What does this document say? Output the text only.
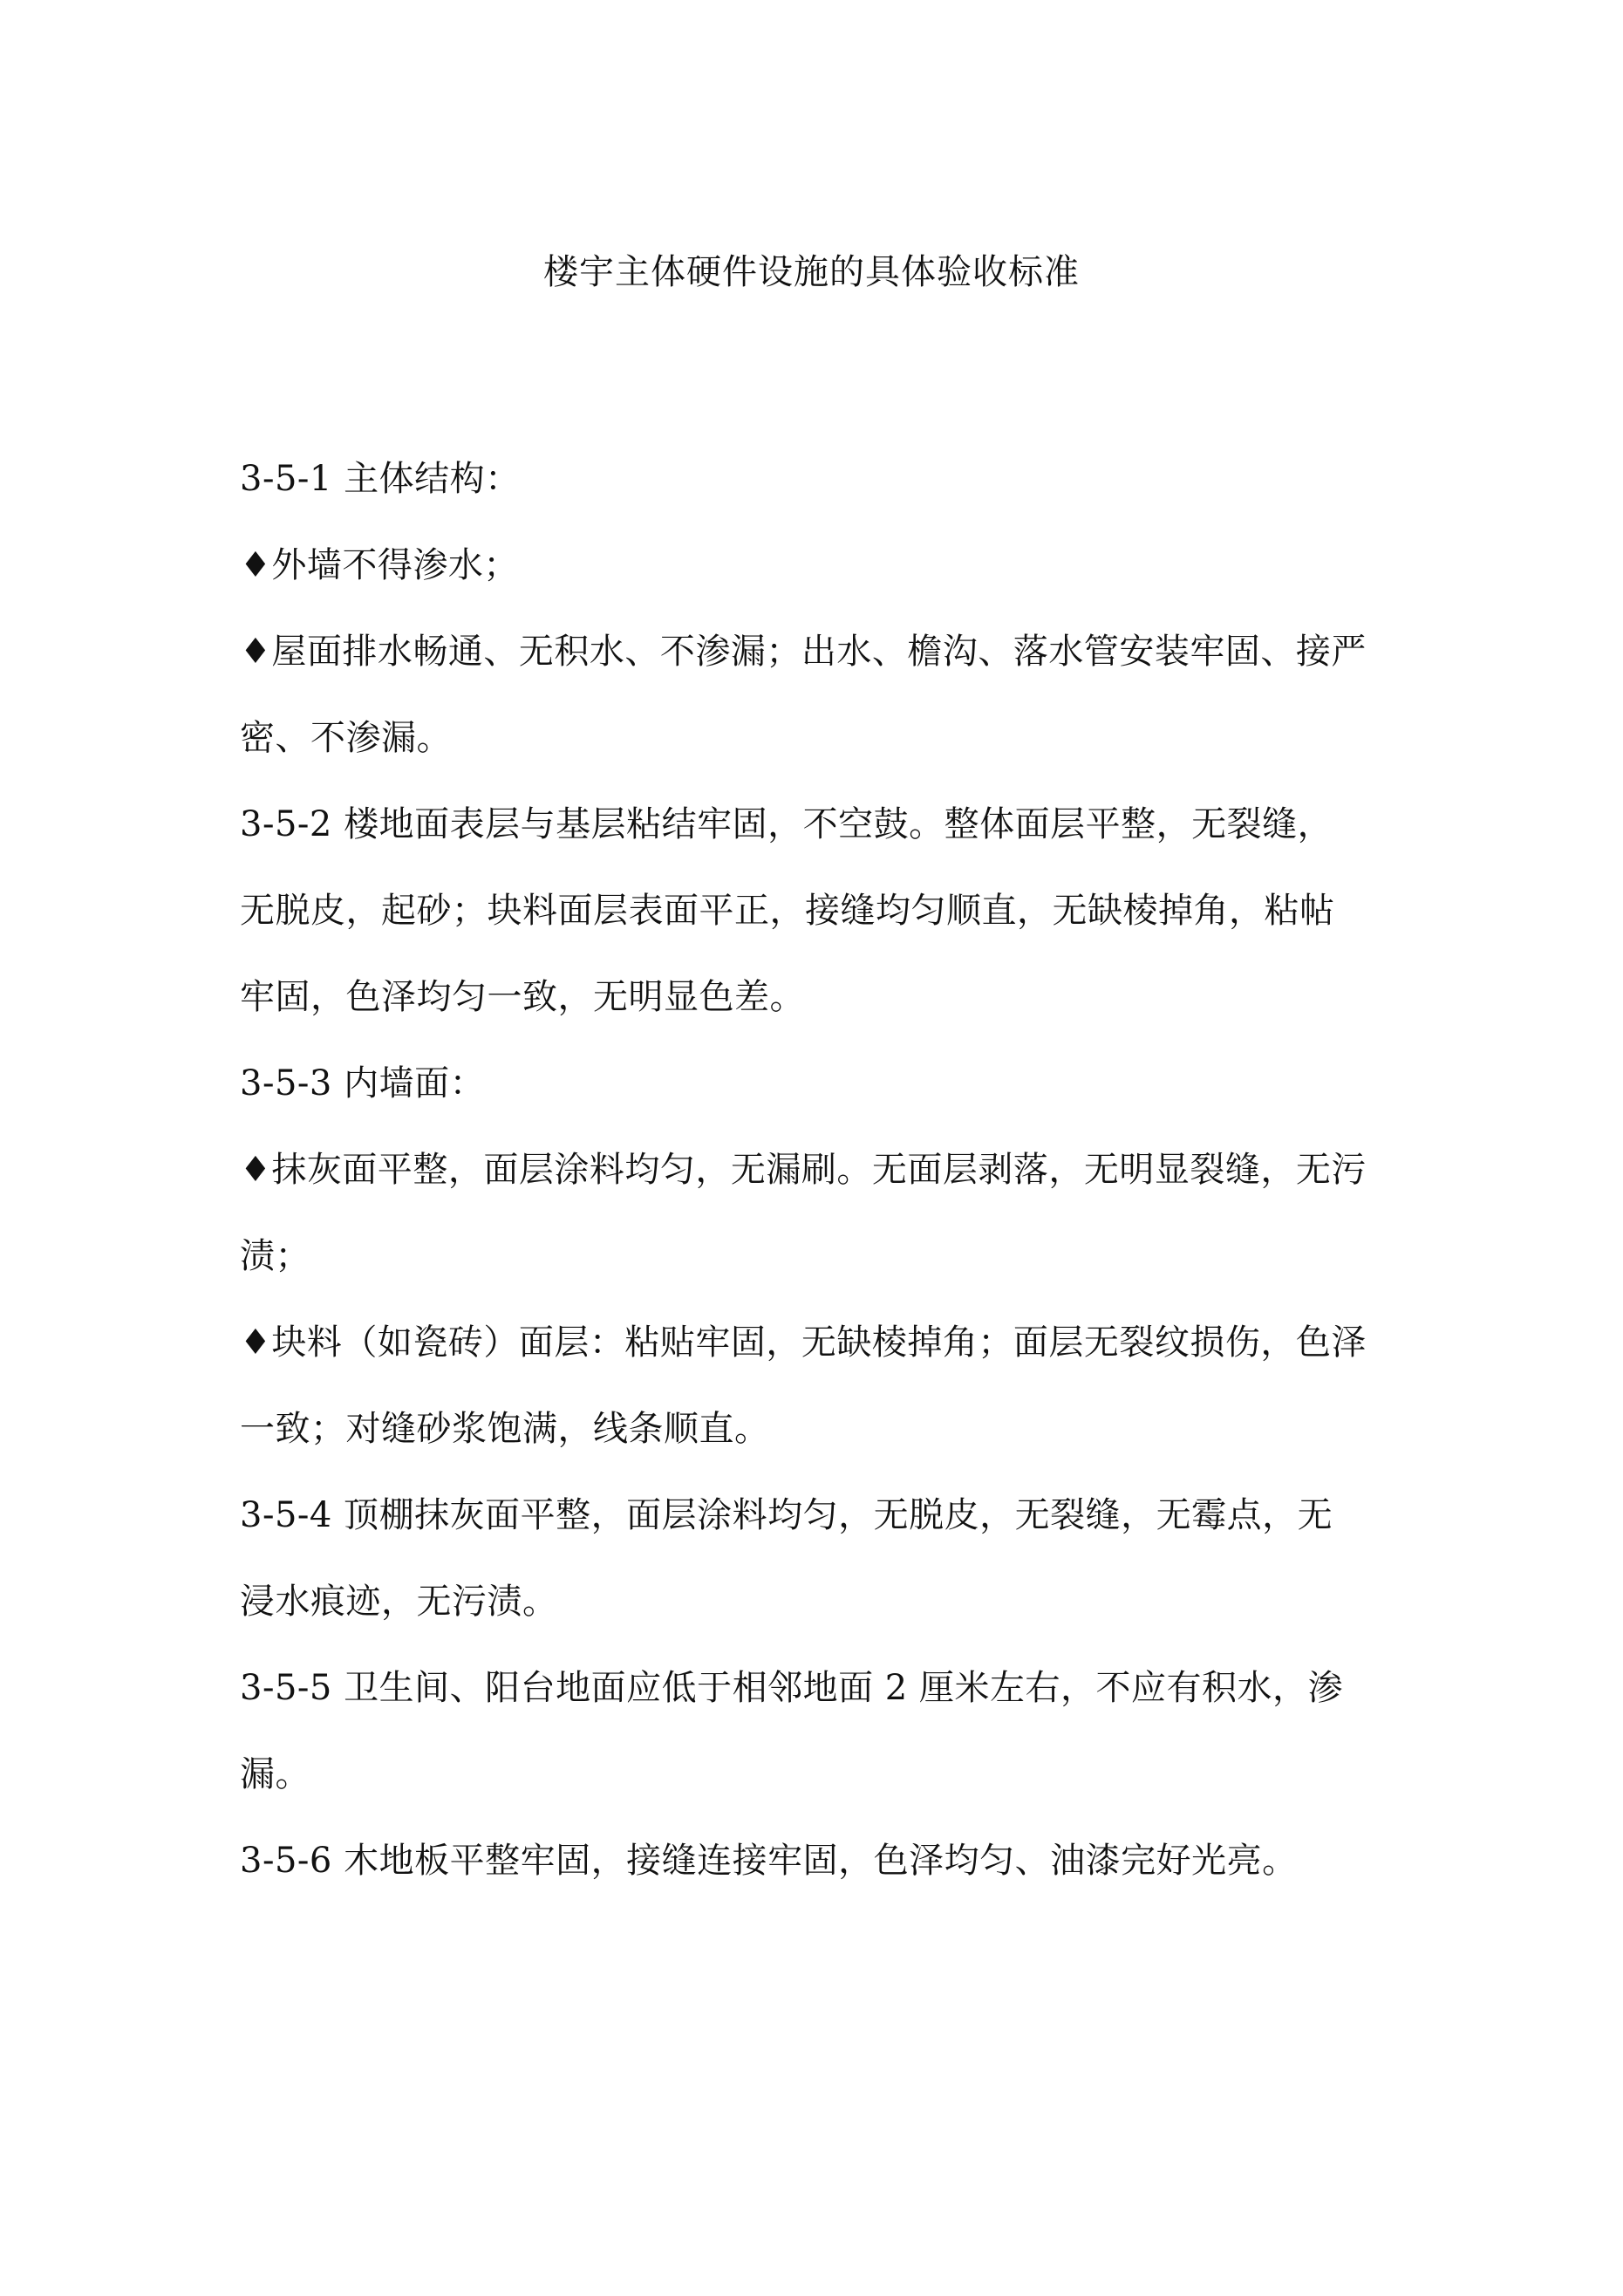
楼宇主体硬件设施的具体验收标准
3-5-1 主体结构：
♦外墙不得渗水；
♦屋面排水畅通、无积水、不渗漏；出水、檐沟、落水管安装牢固、接严
密、不渗漏。
3-5-2 楼地面表层与基层粘结牢固，不空鼓。整体面层平整，无裂缝，
无脱皮，起砂；块料面层表面平正，接缝均匀顺直，无缺棱掉角，粘帖
牢固，色泽均匀一致，无明显色差。
3-5-3 内墙面：
♦抹灰面平整，面层涂料均匀，无漏刷。无面层剥落，无明显裂缝，无污
渍；
♦块料（如瓷砖）面层：粘贴牢固，无缺棱掉角；面层无裂纹损伤，色泽
一致；对缝砂浆饱满，线条顺直。
3-5-4 顶棚抹灰面平整，面层涂料均匀，无脱皮，无裂缝，无霉点，无
浸水痕迹，无污渍。
3-5-5 卫生间、阳台地面应低于相邻地面 2 厘米左右，不应有积水，渗
漏。
3-5-6 木地板平整牢固，接缝连接牢固，色泽均匀、油漆完好光亮。
